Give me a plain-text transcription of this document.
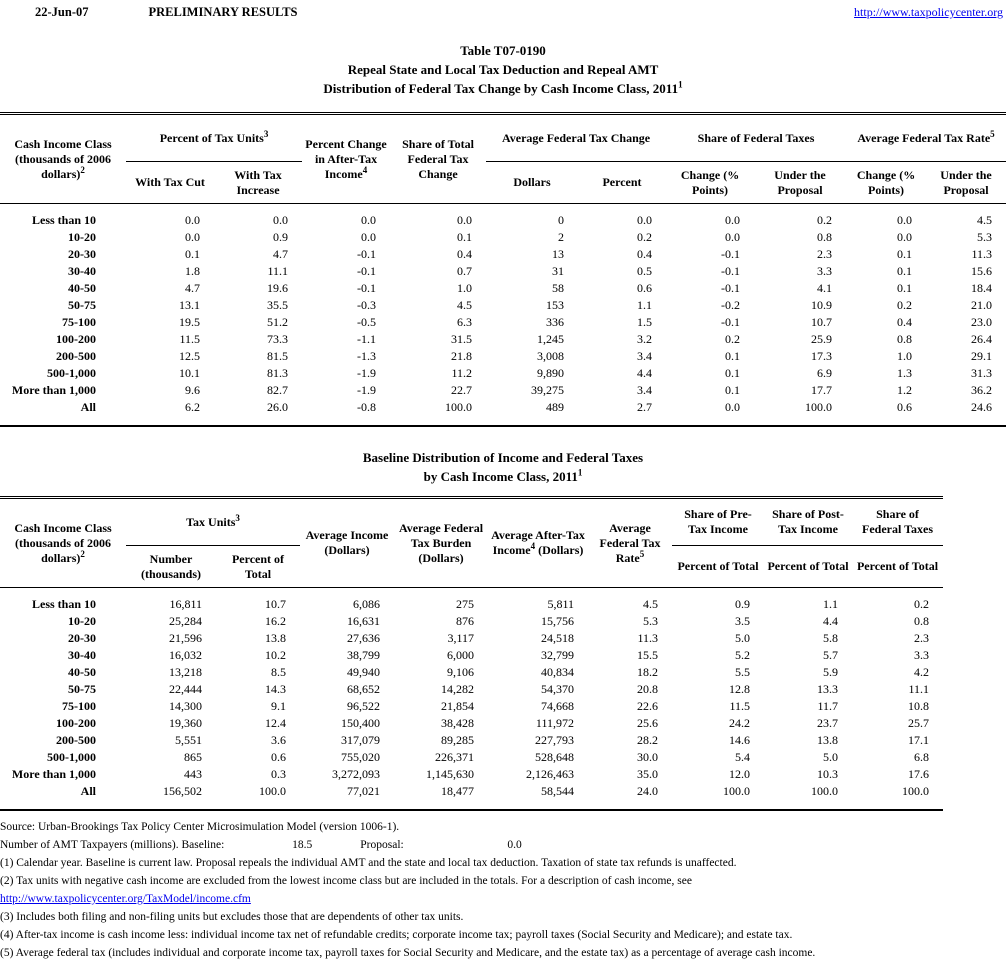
22-Jun-07	PRELIMINARY RESULTS	http://www.taxpolicycenter.org
Table T07-0190
Repeal State and Local Tax Deduction and Repeal AMT
Distribution of Federal Tax Change by Cash Income Class, 2011$^1$
Cash Income Class (thousands of 2006 dollars)$^2$	Percent of Tax Units$^3$		Percent Change in After-Tax Income$^4$	Share of Total Federal Tax Change	Average Federal Tax Change		Share of Federal Taxes		Average Federal Tax Rate$^5$
	With Tax Cut	With Tax Increase			Dollars	Percent	Change (% Points)	Under the Proposal	Change (% Points)	Under the Proposal
Less than 10	0.0	0.0	0.0	0.0	0	0.0	0.0	0.2	0.0	4.5
10-20	0.0	0.9	0.0	0.1	2	0.2	0.0	0.8	0.0	5.3
20-30	0.1	4.7	-0.1	0.4	13	0.4	-0.1	2.3	0.1	11.3
30-40	1.8	11.1	-0.1	0.7	31	0.5	-0.1	3.3	0.1	15.6
40-50	4.7	19.6	-0.1	1.0	58	0.6	-0.1	4.1	0.1	18.4
50-75	13.1	35.5	-0.3	4.5	153	1.1	-0.2	10.9	0.2	21.0
75-100	19.5	51.2	-0.5	6.3	336	1.5	-0.1	10.7	0.4	23.0
100-200	11.5	73.3	-1.1	31.5	1,245	3.2	0.2	25.9	0.8	26.4
200-500	12.5	81.5	-1.3	21.8	3,008	3.4	0.1	17.3	1.0	29.1
500-1,000	10.1	81.3	-1.9	11.2	9,890	4.4	0.1	6.9	1.3	31.3
More than 1,000	9.6	82.7	-1.9	22.7	39,275	3.4	0.1	17.7	1.2	36.2
All	6.2	26.0	-0.8	100.0	489	2.7	0.0	100.0	0.6	24.6
Baseline Distribution of Income and Federal Taxes
by Cash Income Class, 2011$^1$
Cash Income Class (thousands of 2006 dollars)$^2$	Tax Units$^3$		Average Income (Dollars)	Average Federal Tax Burden (Dollars)	Average After-Tax Income$^4$ (Dollars)	Average Federal Tax Rate$^5$	Share of Pre-Tax Income	Share of Post-Tax Income	Share of Federal Taxes
	Number (thousands)	Percent of Total					Percent of Total	Percent of Total	Percent of Total
Less than 10	16,811	10.7	6,086	275	5,811	4.5	0.9	1.1	0.2
10-20	25,284	16.2	16,631	876	15,756	5.3	3.5	4.4	0.8
20-30	21,596	13.8	27,636	3,117	24,518	11.3	5.0	5.8	2.3
30-40	16,032	10.2	38,799	6,000	32,799	15.5	5.2	5.7	3.3
40-50	13,218	8.5	49,940	9,106	40,834	18.2	5.5	5.9	4.2
50-75	22,444	14.3	68,652	14,282	54,370	20.8	12.8	13.3	11.1
75-100	14,300	9.1	96,522	21,854	74,668	22.6	11.5	11.7	10.8
100-200	19,360	12.4	150,400	38,428	111,972	25.6	24.2	23.7	25.7
200-500	5,551	3.6	317,079	89,285	227,793	28.2	14.6	13.8	17.1
500-1,000	865	0.6	755,020	226,371	528,648	30.0	5.4	5.0	6.8
More than 1,000	443	0.3	3,272,093	1,145,630	2,126,463	35.0	12.0	10.3	17.6
All	156,502	100.0	77,021	18,477	58,544	24.0	100.0	100.0	100.0
Source: Urban-Brookings Tax Policy Center Microsimulation Model (version 1006-1).
Number of AMT Taxpayers (millions). Baseline:	18.5	Proposal:	0.0
(1) Calendar year. Baseline is current law. Proposal repeals the individual AMT and the state and local tax deduction. Taxation of state tax refunds is unaffected.
(2) Tax units with negative cash income are excluded from the lowest income class but are included in the totals. For a description of cash income, see
http://www.taxpolicycenter.org/TaxModel/income.cfm
(3) Includes both filing and non-filing units but excludes those that are dependents of other tax units.
(4) After-tax income is cash income less: individual income tax net of refundable credits; corporate income tax; payroll taxes (Social Security and Medicare); and estate tax.
(5) Average federal tax (includes individual and corporate income tax, payroll taxes for Social Security and Medicare, and the estate tax) as a percentage of average cash income.
